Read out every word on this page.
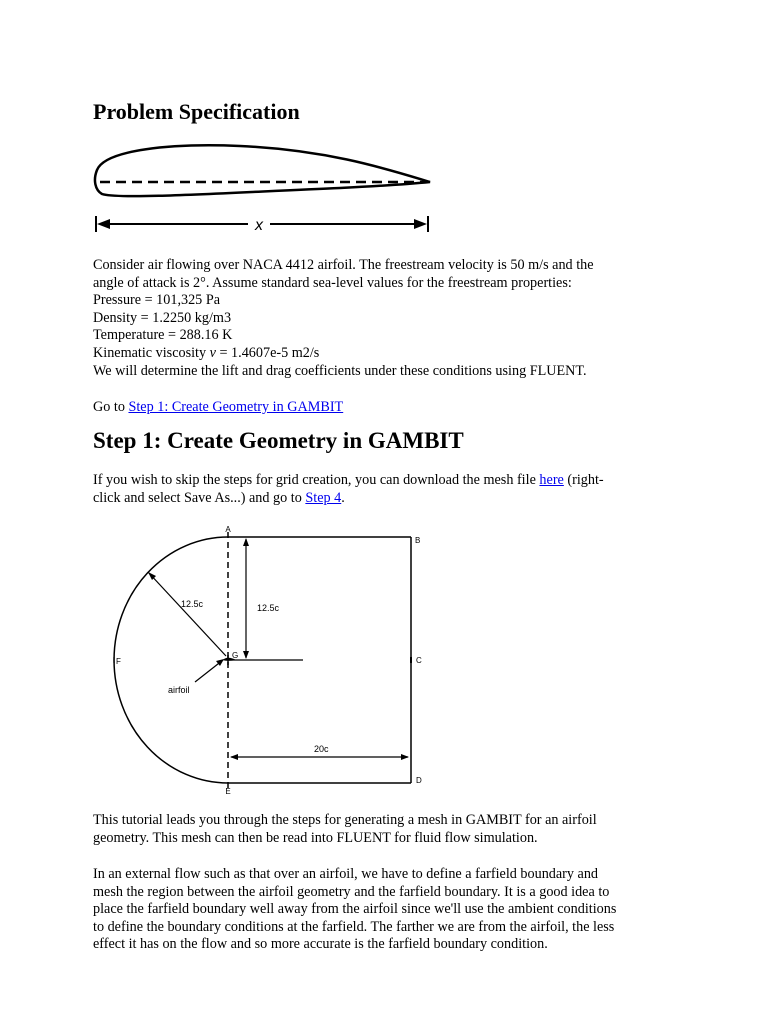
Problem Specification
x
Consider air flowing over NACA 4412 airfoil. The freestream velocity is 50 m/s and the
angle of attack is 2°. Assume standard sea-level values for the freestream properties:
Pressure = 101,325 Pa
Density = 1.2250 kg/m3
Temperature = 288.16 K
Kinematic viscosity v = 1.4607e-5 m2/s
We will determine the lift and drag coefficients under these conditions using FLUENT.
Go to Step 1: Create Geometry in GAMBIT
Step 1: Create Geometry in GAMBIT
If you wish to skip the steps for grid creation, you can download the mesh file here (right-
click and select Save As...) and go to Step 4.
A
B
C
D
E
F
G
12.5c	12.5c
20c
airfoil
This tutorial leads you through the steps for generating a mesh in GAMBIT for an airfoil
geometry. This mesh can then be read into FLUENT for fluid flow simulation.
In an external flow such as that over an airfoil, we have to define a farfield boundary and
mesh the region between the airfoil geometry and the farfield boundary. It is a good idea to
place the farfield boundary well away from the airfoil since we'll use the ambient conditions
to define the boundary conditions at the farfield. The farther we are from the airfoil, the less
effect it has on the flow and so more accurate is the farfield boundary condition.
